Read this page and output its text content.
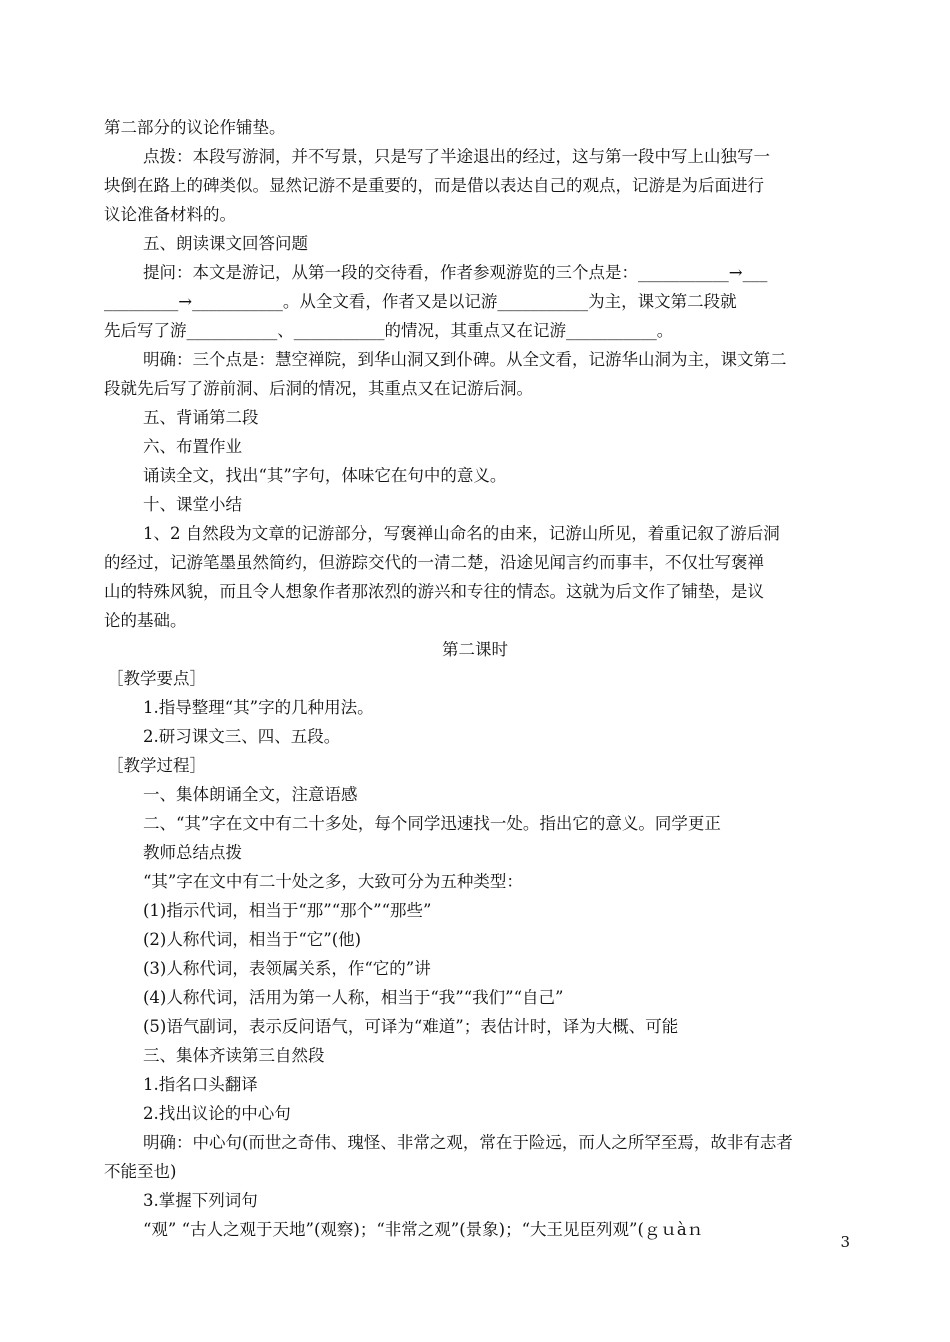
第二部分的议论作铺垫。
点拨：本段写游洞，并不写景，只是写了半途退出的经过，这与第一段中写上山独写一
块倒在路上的碑类似。显然记游不是重要的，而是借以表达自己的观点，记游是为后面进行
议论准备材料的。
五、朗读课文回答问题
提问：本文是游记，从第一段的交待看，作者参观游览的三个点是：___________→___
_________→___________。从全文看，作者又是以记游___________为主，课文第二段就
先后写了游___________、___________的情况，其重点又在记游___________。
明确：三个点是：慧空禅院，到华山洞又到仆碑。从全文看，记游华山洞为主，课文第二
段就先后写了游前洞、后洞的情况，其重点又在记游后洞。
五、背诵第二段
六、布置作业
诵读全文，找出“其”字句，体味它在句中的意义。
十、课堂小结
1、2 自然段为文章的记游部分，写褒禅山命名的由来，记游山所见，着重记叙了游后洞
的经过，记游笔墨虽然简约，但游踪交代的一清二楚，沿途见闻言约而事丰，不仅壮写褒禅
山的特殊风貌，而且令人想象作者那浓烈的游兴和专往的情态。这就为后文作了铺垫，是议
论的基础。
第二课时
［教学要点］
1.指导整理“其”字的几种用法。
2.研习课文三、四、五段。
［教学过程］
一、集体朗诵全文，注意语感
二、“其”字在文中有二十多处，每个同学迅速找一处。指出它的意义。同学更正
教师总结点拨
“其”字在文中有二十处之多，大致可分为五种类型：
(1)指示代词，相当于“那”“那个”“那些”
(2)人称代词，相当于“它”(他)
(3)人称代词，表领属关系，作“它的”讲
(4)人称代词，活用为第一人称，相当于“我”“我们”“自己”
(5)语气副词，表示反问语气，可译为“难道”；表估计时，译为大概、可能
三、集体齐读第三自然段
1.指名口头翻译
2.找出议论的中心句
明确：中心句(而世之奇伟、瑰怪、非常之观，常在于险远，而人之所罕至焉，故非有志者
不能至也)
3.掌握下列词句
“观” “古人之观于天地”(观察)；“非常之观”(景象)；“大王见臣列观”(ｇｕàｎ
3
